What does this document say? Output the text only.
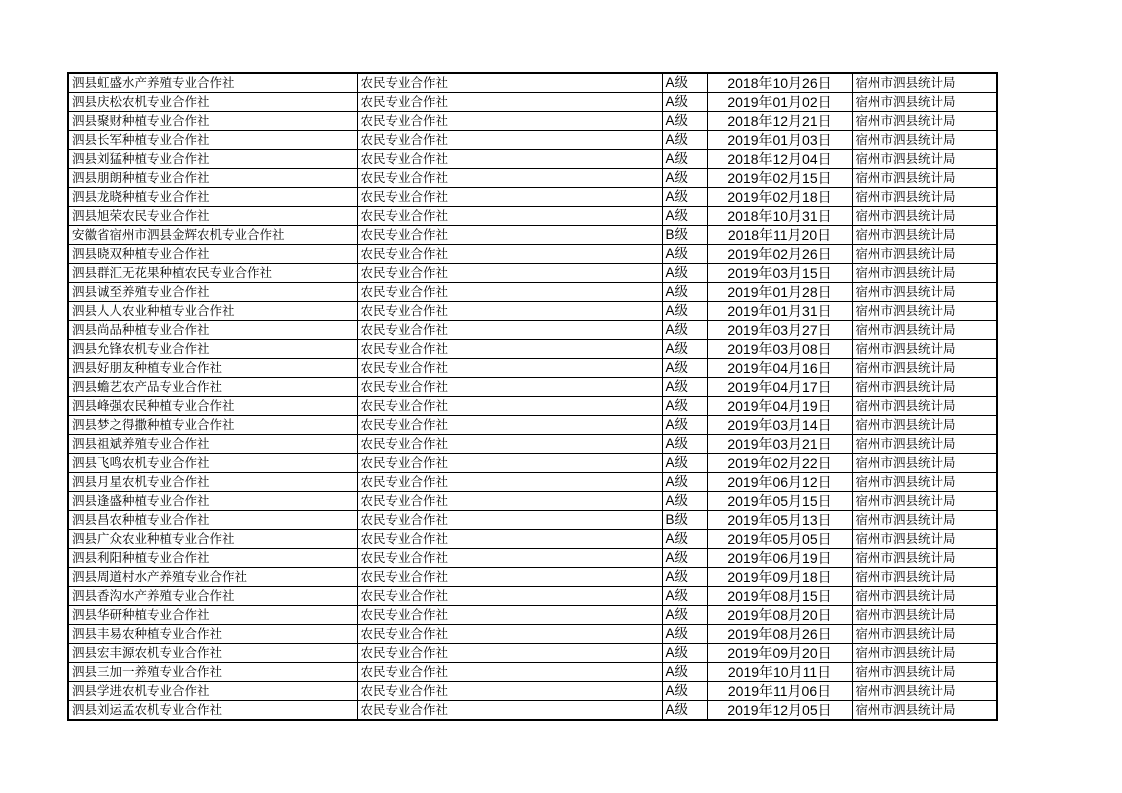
泗县虹盛水产养殖专业合作社	农民专业合作社	A级	2018年10月26日	宿州市泗县统计局
泗县庆松农机专业合作社	农民专业合作社	A级	2019年01月02日	宿州市泗县统计局
泗县聚财种植专业合作社	农民专业合作社	A级	2018年12月21日	宿州市泗县统计局
泗县长军种植专业合作社	农民专业合作社	A级	2019年01月03日	宿州市泗县统计局
泗县刘猛种植专业合作社	农民专业合作社	A级	2018年12月04日	宿州市泗县统计局
泗县朋朗种植专业合作社	农民专业合作社	A级	2019年02月15日	宿州市泗县统计局
泗县龙晓种植专业合作社	农民专业合作社	A级	2019年02月18日	宿州市泗县统计局
泗县旭荣农民专业合作社	农民专业合作社	A级	2018年10月31日	宿州市泗县统计局
安徽省宿州市泗县金辉农机专业合作社	农民专业合作社	B级	2018年11月20日	宿州市泗县统计局
泗县晓双种植专业合作社	农民专业合作社	A级	2019年02月26日	宿州市泗县统计局
泗县群汇无花果种植农民专业合作社	农民专业合作社	A级	2019年03月15日	宿州市泗县统计局
泗县诚至养殖专业合作社	农民专业合作社	A级	2019年01月28日	宿州市泗县统计局
泗县人人农业种植专业合作社	农民专业合作社	A级	2019年01月31日	宿州市泗县统计局
泗县尚品种植专业合作社	农民专业合作社	A级	2019年03月27日	宿州市泗县统计局
泗县允锋农机专业合作社	农民专业合作社	A级	2019年03月08日	宿州市泗县统计局
泗县好朋友种植专业合作社	农民专业合作社	A级	2019年04月16日	宿州市泗县统计局
泗县蟾艺农产品专业合作社	农民专业合作社	A级	2019年04月17日	宿州市泗县统计局
泗县峰强农民种植专业合作社	农民专业合作社	A级	2019年04月19日	宿州市泗县统计局
泗县梦之得撒种植专业合作社	农民专业合作社	A级	2019年03月14日	宿州市泗县统计局
泗县祖斌养殖专业合作社	农民专业合作社	A级	2019年03月21日	宿州市泗县统计局
泗县飞鸣农机专业合作社	农民专业合作社	A级	2019年02月22日	宿州市泗县统计局
泗县月星农机专业合作社	农民专业合作社	A级	2019年06月12日	宿州市泗县统计局
泗县逢盛种植专业合作社	农民专业合作社	A级	2019年05月15日	宿州市泗县统计局
泗县昌农种植专业合作社	农民专业合作社	B级	2019年05月13日	宿州市泗县统计局
泗县广众农业种植专业合作社	农民专业合作社	A级	2019年05月05日	宿州市泗县统计局
泗县利阳种植专业合作社	农民专业合作社	A级	2019年06月19日	宿州市泗县统计局
泗县周道村水产养殖专业合作社	农民专业合作社	A级	2019年09月18日	宿州市泗县统计局
泗县香沟水产养殖专业合作社	农民专业合作社	A级	2019年08月15日	宿州市泗县统计局
泗县华研种植专业合作社	农民专业合作社	A级	2019年08月20日	宿州市泗县统计局
泗县丰易农种植专业合作社	农民专业合作社	A级	2019年08月26日	宿州市泗县统计局
泗县宏丰源农机专业合作社	农民专业合作社	A级	2019年09月20日	宿州市泗县统计局
泗县三加一养殖专业合作社	农民专业合作社	A级	2019年10月11日	宿州市泗县统计局
泗县学进农机专业合作社	农民专业合作社	A级	2019年11月06日	宿州市泗县统计局
泗县刘运孟农机专业合作社	农民专业合作社	A级	2019年12月05日	宿州市泗县统计局
